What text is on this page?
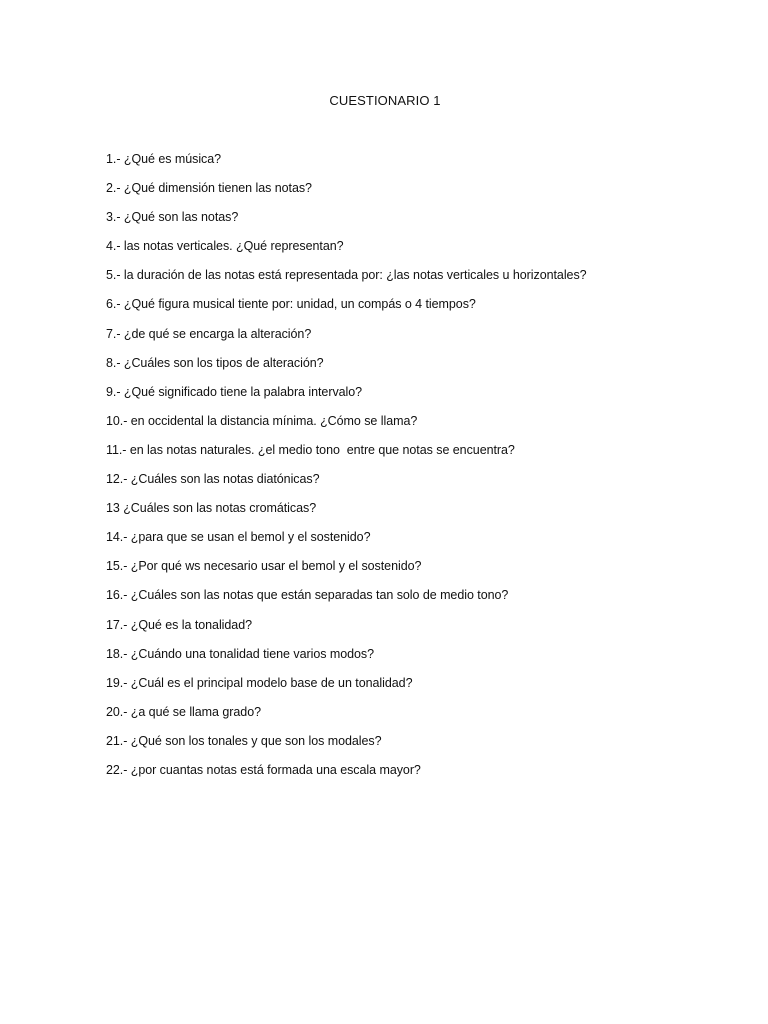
CUESTIONARIO 1
1.- ¿Qué es música?
2.- ¿Qué dimensión tienen las notas?
3.- ¿Qué son las notas?
4.- las notas verticales. ¿Qué representan?
5.- la duración de las notas está representada por: ¿las notas verticales u horizontales?
6.- ¿Qué figura musical tiente por: unidad, un compás o 4 tiempos?
7.- ¿de qué se encarga la alteración?
8.- ¿Cuáles son los tipos de alteración?
9.- ¿Qué significado tiene la palabra intervalo?
10.- en occidental la distancia mínima. ¿Cómo se llama?
11.- en las notas naturales. ¿el medio tono  entre que notas se encuentra?
12.- ¿Cuáles son las notas diatónicas?
13 ¿Cuáles son las notas cromáticas?
14.- ¿para que se usan el bemol y el sostenido?
15.- ¿Por qué ws necesario usar el bemol y el sostenido?
16.- ¿Cuáles son las notas que están separadas tan solo de medio tono?
17.- ¿Qué es la tonalidad?
18.- ¿Cuándo una tonalidad tiene varios modos?
19.- ¿Cuál es el principal modelo base de un tonalidad?
20.- ¿a qué se llama grado?
21.- ¿Qué son los tonales y que son los modales?
22.- ¿por cuantas notas está formada una escala mayor?
